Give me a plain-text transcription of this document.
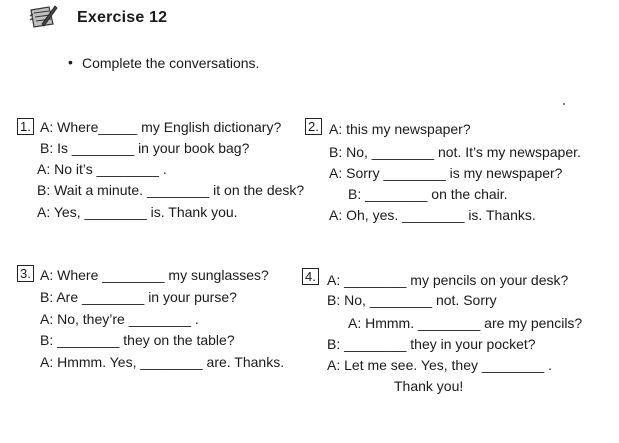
Exercise 12
• Complete the conversations.
1. A: Where_____ my English dictionary?
B: Is ________ in your book bag?
A: No it’s ________ .
B: Wait a minute. ________ it on the desk?
A: Yes, ________ is. Thank you.
2. A: this my newspaper?
B: No, ________ not. It’s my newspaper.
A: Sorry ________ is my newspaper?
B: ________ on the chair.
A: Oh, yes. ________ is. Thanks.
3. A: Where ________ my sunglasses?
B: Are ________ in your purse?
A: No, they’re ________ .
B: ________ they on the table?
A: Hmmm. Yes, ________ are. Thanks.
4. A: ________ my pencils on your desk?
B: No, ________ not. Sorry
A: Hmmm. ________ are my pencils?
B: ________ they in your pocket?
A: Let me see. Yes, they ________ .
Thank you!
